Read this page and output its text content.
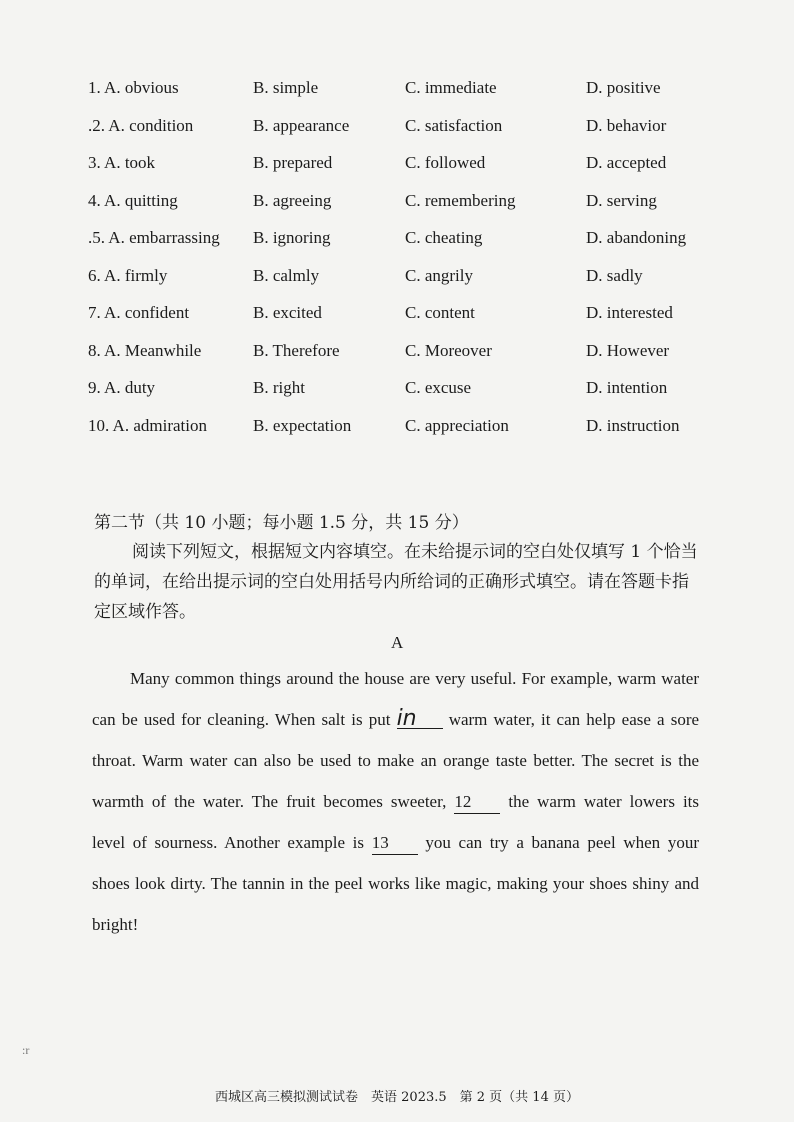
1. A. obvious	B. simple	C. immediate	D. positive
.2. A. condition	B. appearance	C. satisfaction	D. behavior
3. A. took	B. prepared	C. followed	D. accepted
4. A. quitting	B. agreeing	C. remembering	D. serving
.5. A. embarrassing B. ignoring	C. cheating	D. abandoning
6. A. firmly	B. calmly	C. angrily	D. sadly
7. A. confident	B. excited	C. content	D. interested
8. A. Meanwhile	B. Therefore	C. Moreover	D. However
9. A. duty	B. right	C. excuse	D. intention
10. A. admiration	B. expectation	C. appreciation	D. instruction
第二节（共 10 小题；每小题 1.5 分，共 15 分）
阅读下列短文，根据短文内容填空。在未给提示词的空白处仅填写 1 个恰当的单词，在给出提示词的空白处用括号内所给词的正确形式填空。请在答题卡指定区域作答。
A
Many common things around the house are very useful. For example, warm water
can be used for cleaning. When salt is put in warm water, it can help ease a sore
throat. Warm water can also be used to make an orange taste better. The secret is the
warmth of the water. The fruit becomes sweeter, 12 the warm water lowers its
level of sourness. Another example is 13 you can try a banana peel when your
shoes look dirty. The tannin in the peel works like magic, making your shoes shiny and
bright!
:r
西城区高三模拟测试试卷　英语 2023.5　第 2 页（共 14 页）
